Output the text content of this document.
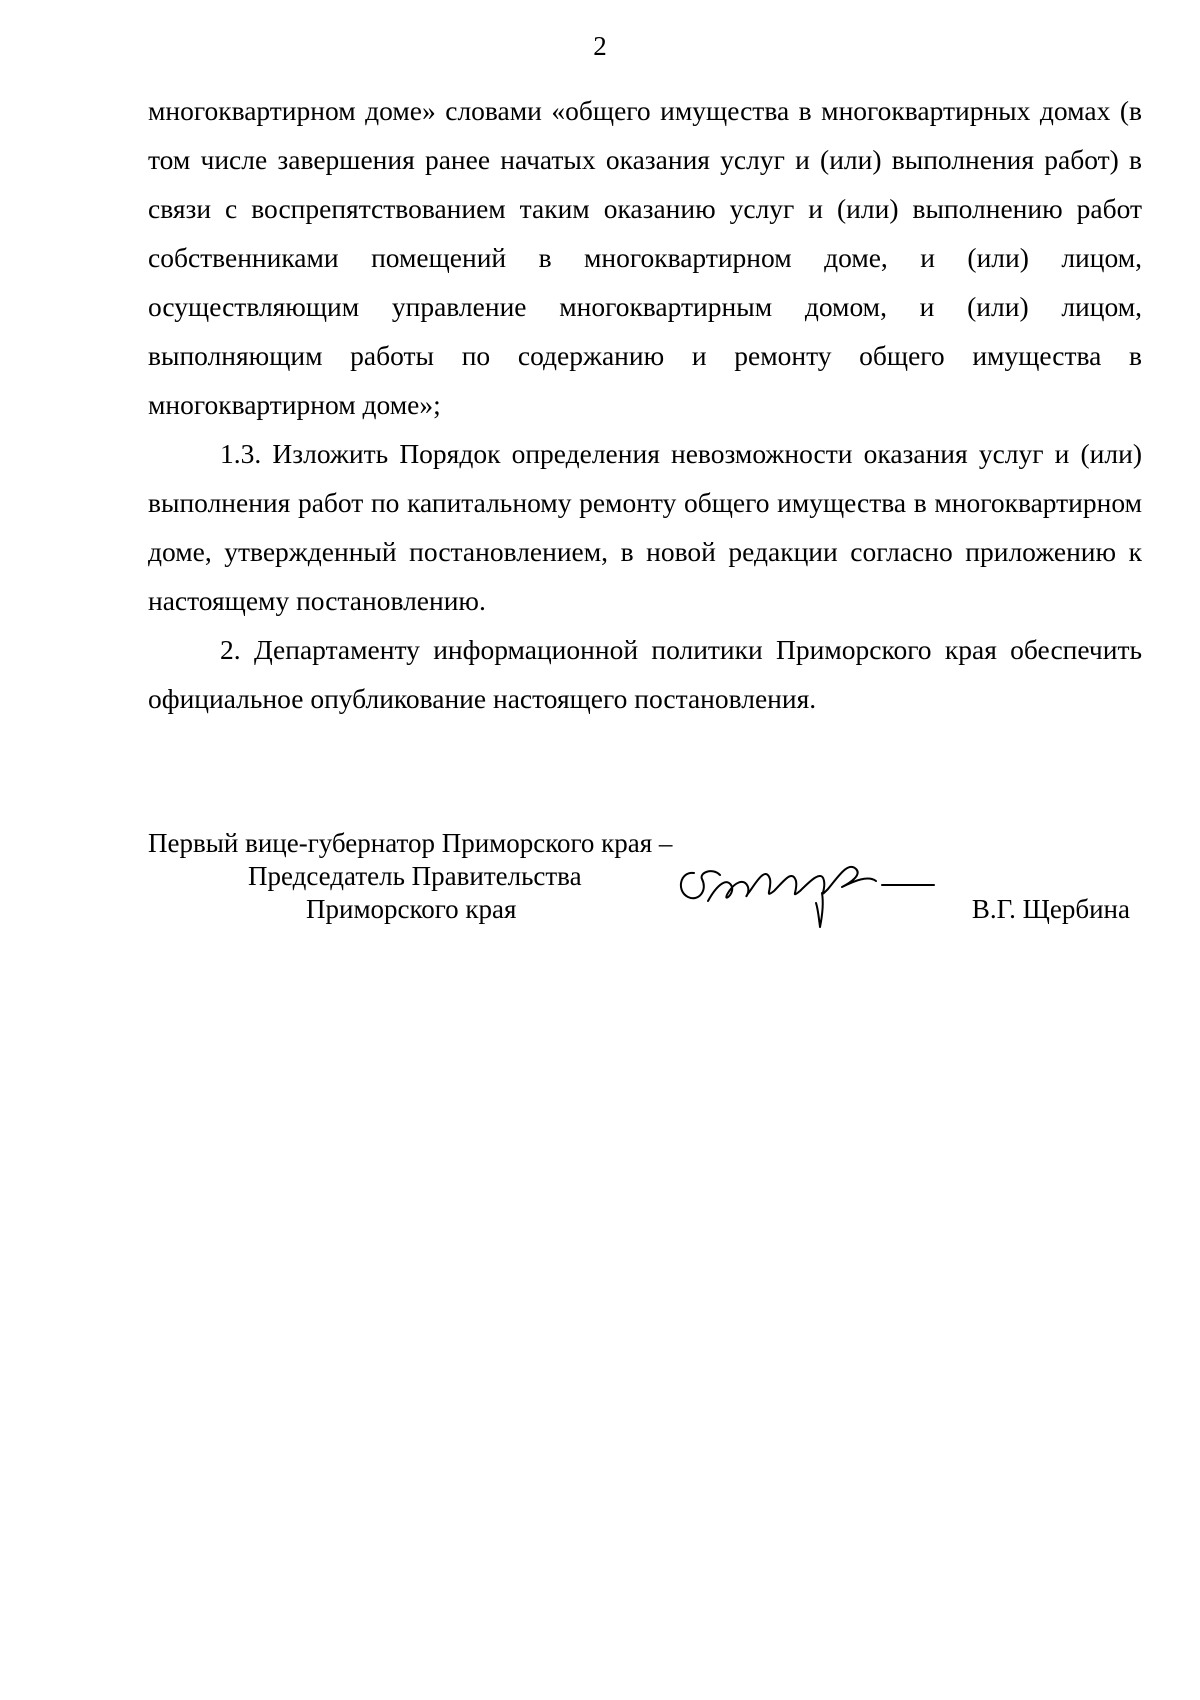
2

многоквартирном доме» словами «общего имущества в многоквартирных домах (в том числе завершения ранее начатых оказания услуг и (или) выполнения работ) в связи с воспрепятствованием таким оказанию услуг и (или) выполнению работ собственниками помещений в многоквартирном доме, и (или) лицом, осуществляющим управление многоквартирным домом, и (или) лицом, выполняющим работы по содержанию и ремонту общего имущества в многоквартирном доме»;

1.3. Изложить Порядок определения невозможности оказания услуг и (или) выполнения работ по капитальному ремонту общего имущества в многоквартирном доме, утвержденный постановлением, в новой редакции согласно приложению к настоящему постановлению.

2. Департаменту информационной политики Приморского края обеспечить официальное опубликование настоящего постановления.

Первый вице-губернатор Приморского края –
Председатель Правительства
Приморского края	В.Г. Щербина
